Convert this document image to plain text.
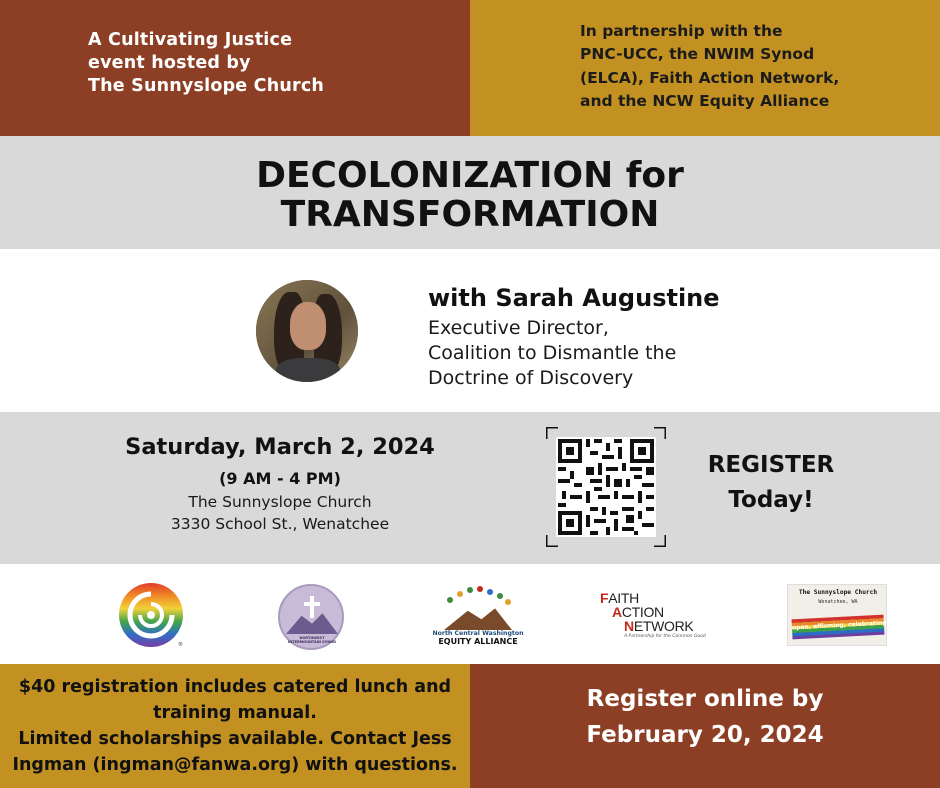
A Cultivating Justice
event hosted by
The Sunnyslope Church
In partnership with the
PNC-UCC, the NWIM Synod
(ELCA), Faith Action Network,
and the NCW Equity Alliance
DECOLONIZATION for
TRANSFORMATION
with Sarah Augustine
Executive Director,
Coalition to Dismantle the
Doctrine of Discovery
Saturday, March 2, 2024
(9 AM - 4 PM)
The Sunnyslope Church
3330 School St., Wenatchee
REGISTER
Today!
®
NORTHWEST INTERMOUNTAIN SYNOD
North Central Washington
EQUITY ALLIANCE
FAITH
ACTION
NETWORK
A Partnership for the Common Good
The Sunnyslope Church
Wenatchee, WA
open, affirming, celebrating
$40 registration includes catered lunch and
training manual.
Limited scholarships available. Contact Jess
Ingman (ingman@fanwa.org) with questions.
Register online by
February 20, 2024
